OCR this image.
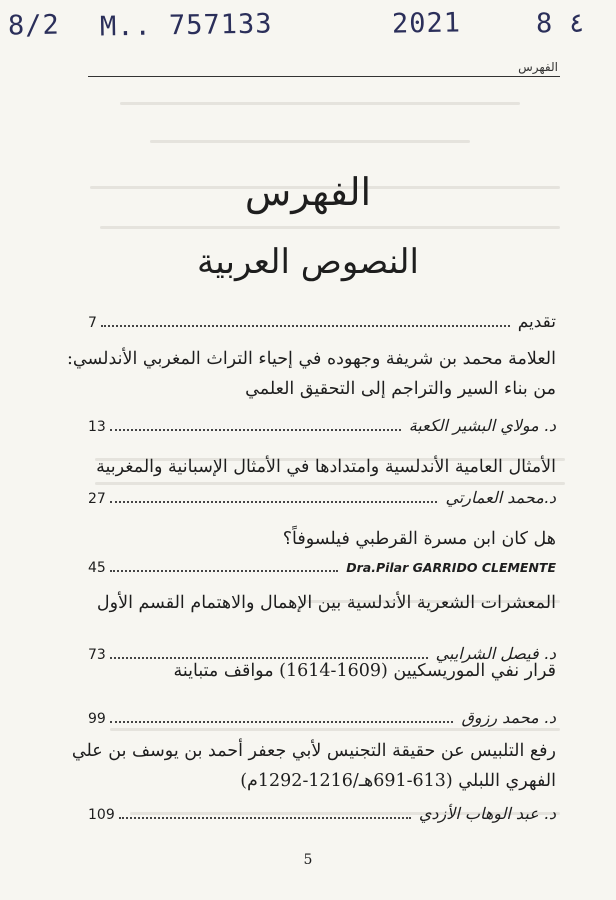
8/2 M.. 757133	2021	8 ٤
الفهرس
الفهرس
النصوص العربية
تقديم
7
العلامة محمد بن شريفة وجهوده في إحياء التراث المغربي الأندلسي:
من بناء السير والتراجم إلى التحقيق العلمي
د. مولاي البشير الكعبة
13
الأمثال العامية الأندلسية وامتدادها في الأمثال الإسبانية والمغربية
د.محمد العمارتي
27
هل كان ابن مسرة القرطبي فيلسوفاً؟
Dra.Pilar GARRIDO CLEMENTE
45
المعشرات الشعرية الأندلسية بين الإهمال والاهتمام القسم الأول
د. فيصل الشرايبي
73
قرار نفي الموريسكيين (1609-1614) مواقف متباينة
د. محمد رزوق
99
رفع التلبيس عن حقيقة التجنيس لأبي جعفر أحمد بن يوسف بن علي
الفهري اللبلي (613-691هـ/1216-1292م)
د. عبد الوهاب الأزدي
109
5
